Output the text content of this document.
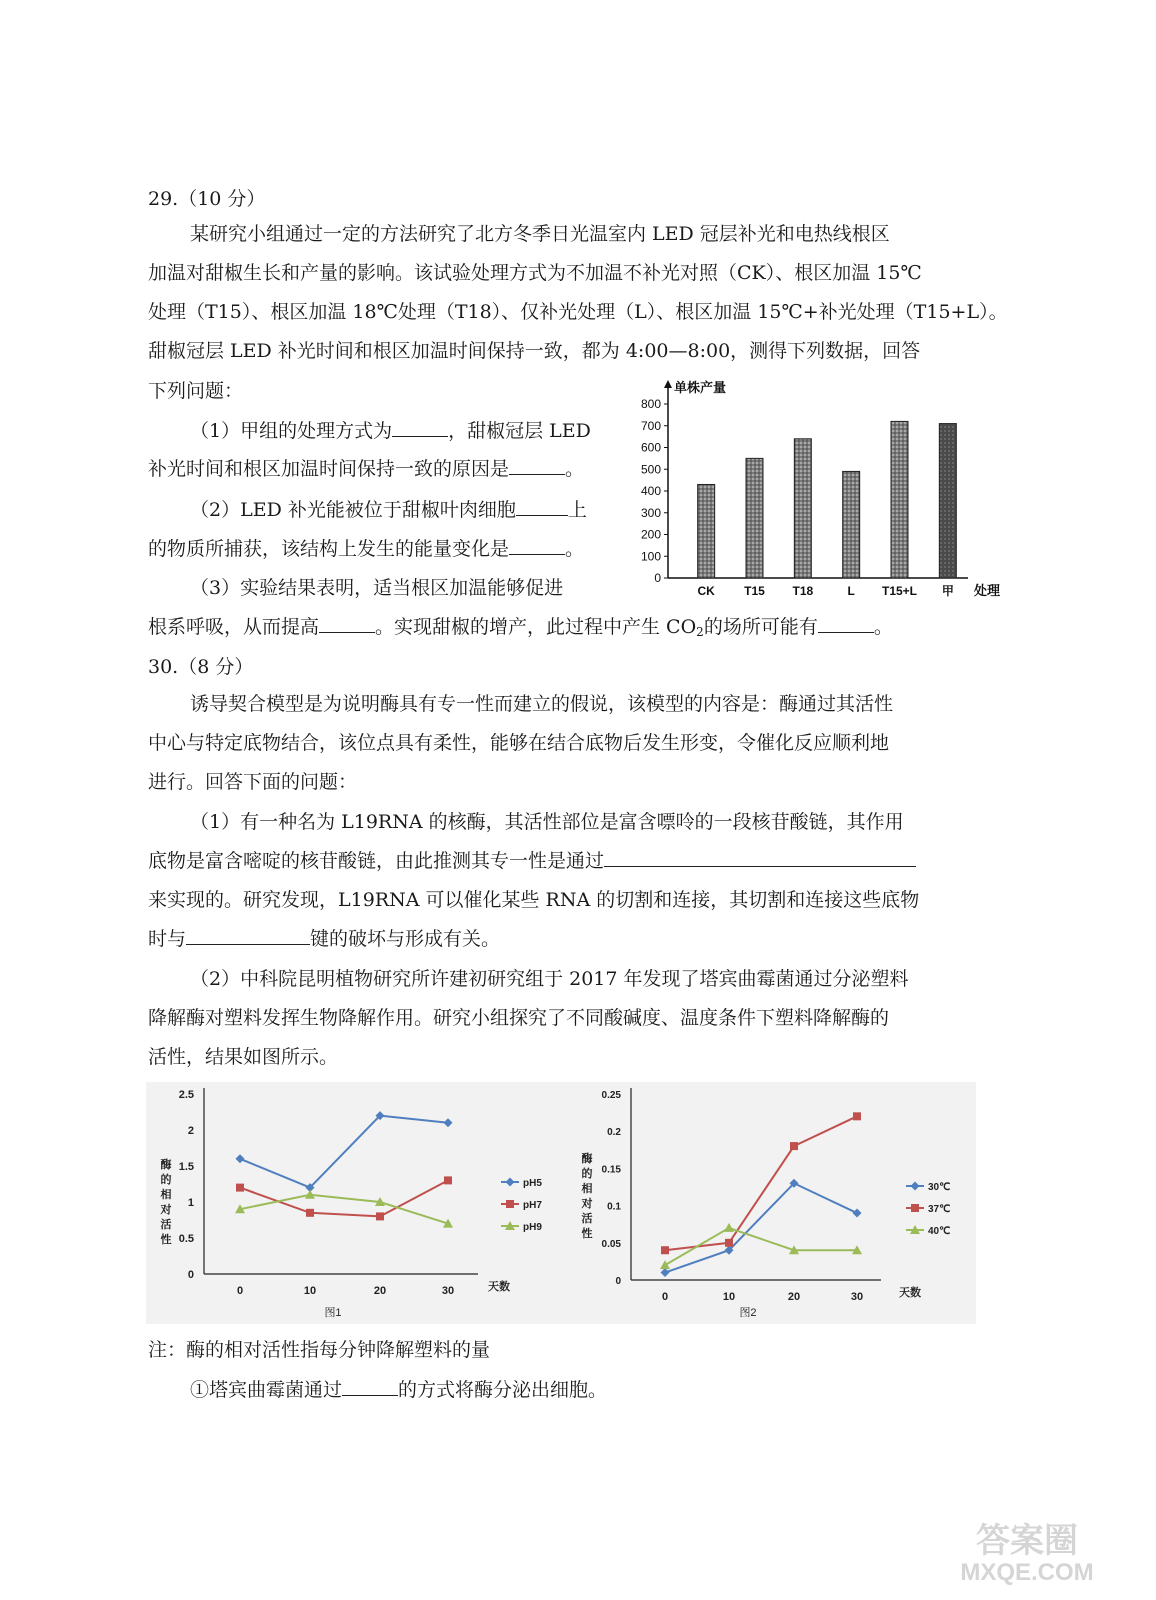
29.（10 分）
某研究小组通过一定的方法研究了北方冬季日光温室内 LED 冠层补光和电热线根区
加温对甜椒生长和产量的影响。该试验处理方式为不加温不补光对照（CK）、根区加温 15℃
处理（T15）、根区加温 18℃处理（T18）、仅补光处理（L）、根区加温 15℃+补光处理（T15+L）。
甜椒冠层 LED 补光时间和根区加温时间保持一致，都为 4:00—8:00，测得下列数据，回答
下列问题：
（1）甲组的处理方式为	，甜椒冠层 LED
补光时间和根区加温时间保持一致的原因是	。
（2）LED 补光能被位于甜椒叶肉细胞	上
的物质所捕获，该结构上发生的能量变化是	。
（3）实验结果表明，适当根区加温能够促进
根系呼吸，从而提高	。实现甜椒的增产，此过程中产生 CO2的场所可能有	。
单株产量
处理
0
100
200
300
400
500
600
700
800
CK T15 T18	L T15+L 甲
30.（8 分）
诱导契合模型是为说明酶具有专一性而建立的假说，该模型的内容是：酶通过其活性
中心与特定底物结合，该位点具有柔性，能够在结合底物后发生形变，令催化反应顺利地
进行。回答下面的问题：
（1）有一种名为 L19RNA 的核酶，其活性部位是富含嘌呤的一段核苷酸链，其作用
底物是富含嘧啶的核苷酸链，由此推测其专一性是通过
来实现的。研究发现，L19RNA 可以催化某些 RNA 的切割和连接，其切割和连接这些底物
时与	键的破坏与形成有关。
（2）中科院昆明植物研究所许建初研究组于 2017 年发现了塔宾曲霉菌通过分泌塑料
降解酶对塑料发挥生物降解作用。研究小组探究了不同酸碱度、温度条件下塑料降解酶的
活性，结果如图所示。
0
0.5
1
1.5
2
2.5
0	10	20	30	天数
酶
的
相
对
活
性
图1
pH5
pH7
pH9
0
0.05
0.1
0.15
0.2
0.25
0	10	20	30	天数
酶
的
相
对
活
性
图2
30℃
37℃
40℃
注：酶的相对活性指每分钟降解塑料的量
①塔宾曲霉菌通过	的方式将酶分泌出细胞。
答案圈
MXQE.COM
